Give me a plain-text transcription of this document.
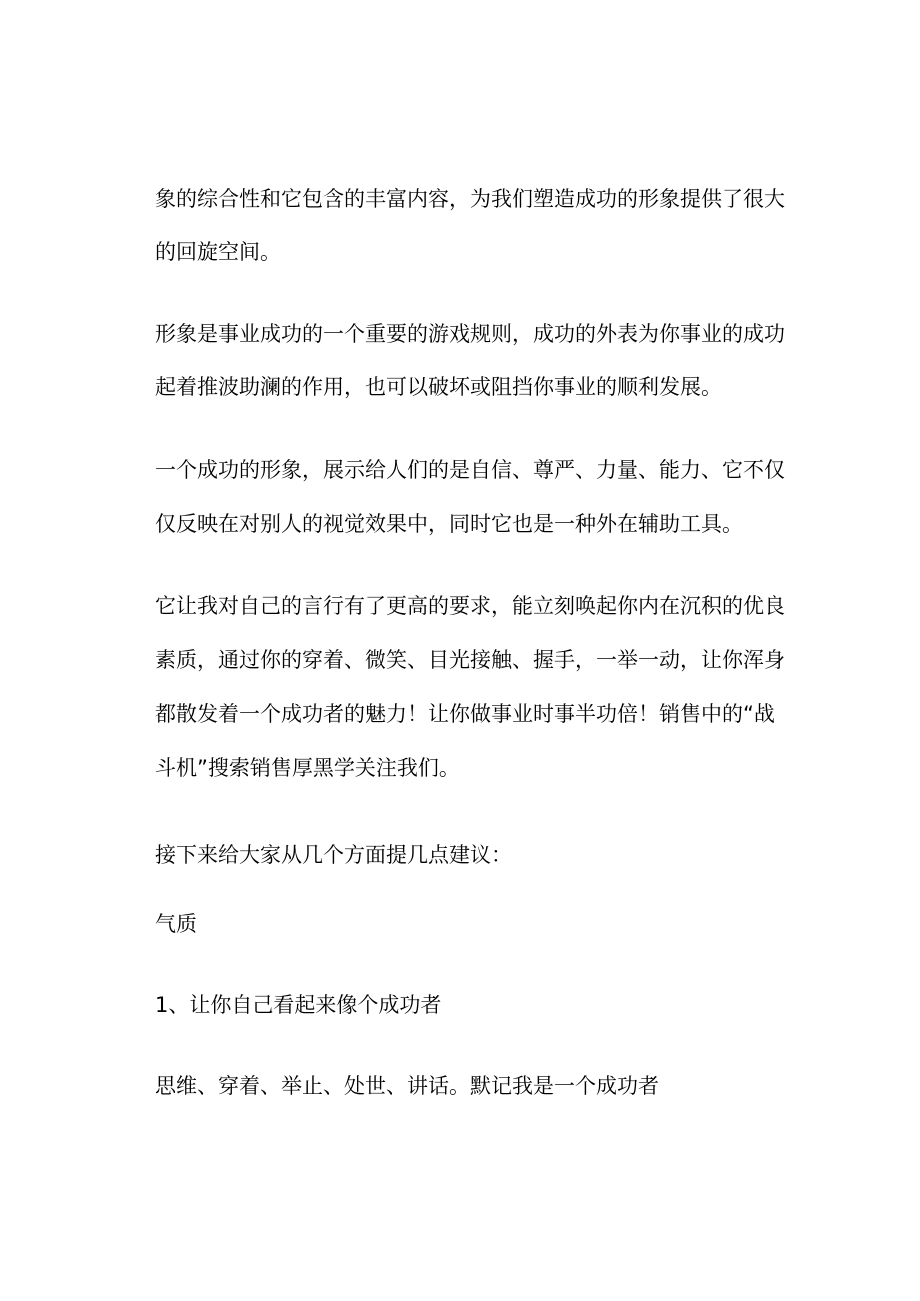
象的综合性和它包含的丰富内容，为我们塑造成功的形象提供了很大

的回旋空间。

形象是事业成功的一个重要的游戏规则，成功的外表为你事业的成功

起着推波助澜的作用，也可以破坏或阻挡你事业的顺利发展。

一个成功的形象，展示给人们的是自信、尊严、力量、能力、它不仅

仅反映在对别人的视觉效果中，同时它也是一种外在辅助工具。

它让我对自己的言行有了更高的要求，能立刻唤起你内在沉积的优良

素质，通过你的穿着、微笑、目光接触、握手，一举一动，让你浑身

都散发着一个成功者的魅力！让你做事业时事半功倍！销售中的“战

斗机”搜索销售厚黑学关注我们。

接下来给大家从几个方面提几点建议：

气质

1、让你自己看起来像个成功者

思维、穿着、举止、处世、讲话。默记我是一个成功者
